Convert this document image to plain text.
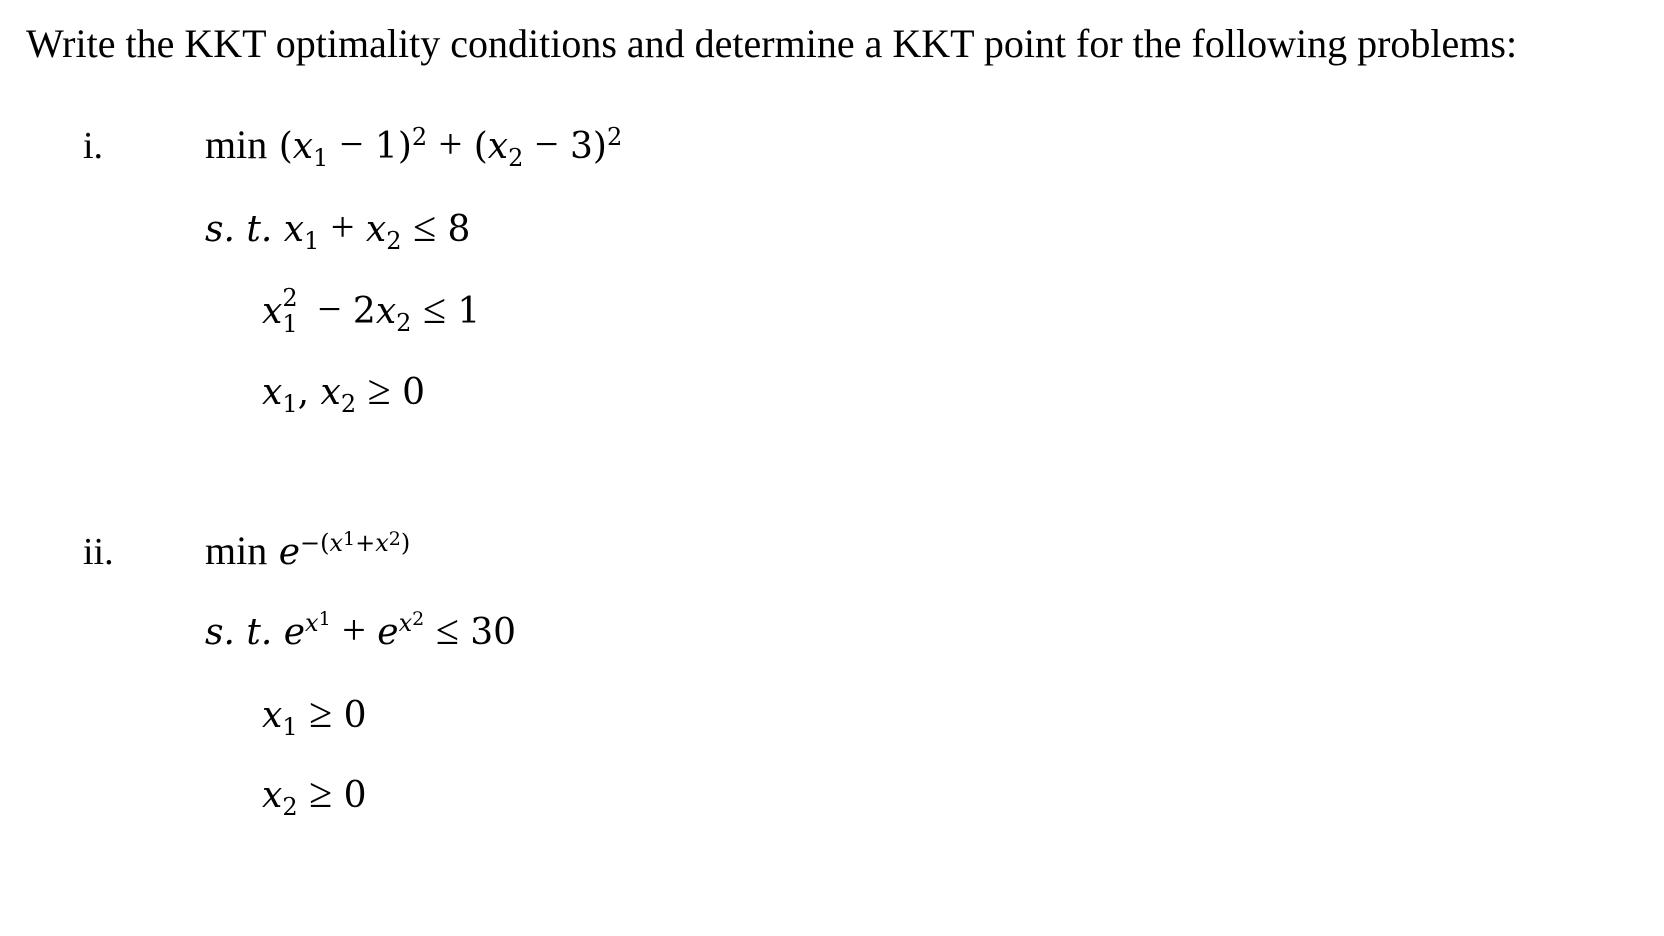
Write the KKT optimality conditions and determine a KKT point for the following problems:
i.	$\min (x_1 - 1)^2 + (x_2 - 3)^2$
s. t. $x_1 + x_2 \le 8$
x 2
$1 - 2x_2 \le 1$
$x_1$, $x_2 \ge 0$
ii. $\min e^{-(x^1+x^2)}$
s. t. $e^{x^1} + e^{x^2} \le 30$
$x_1 \ge 0$
$x_2 \ge 0$
